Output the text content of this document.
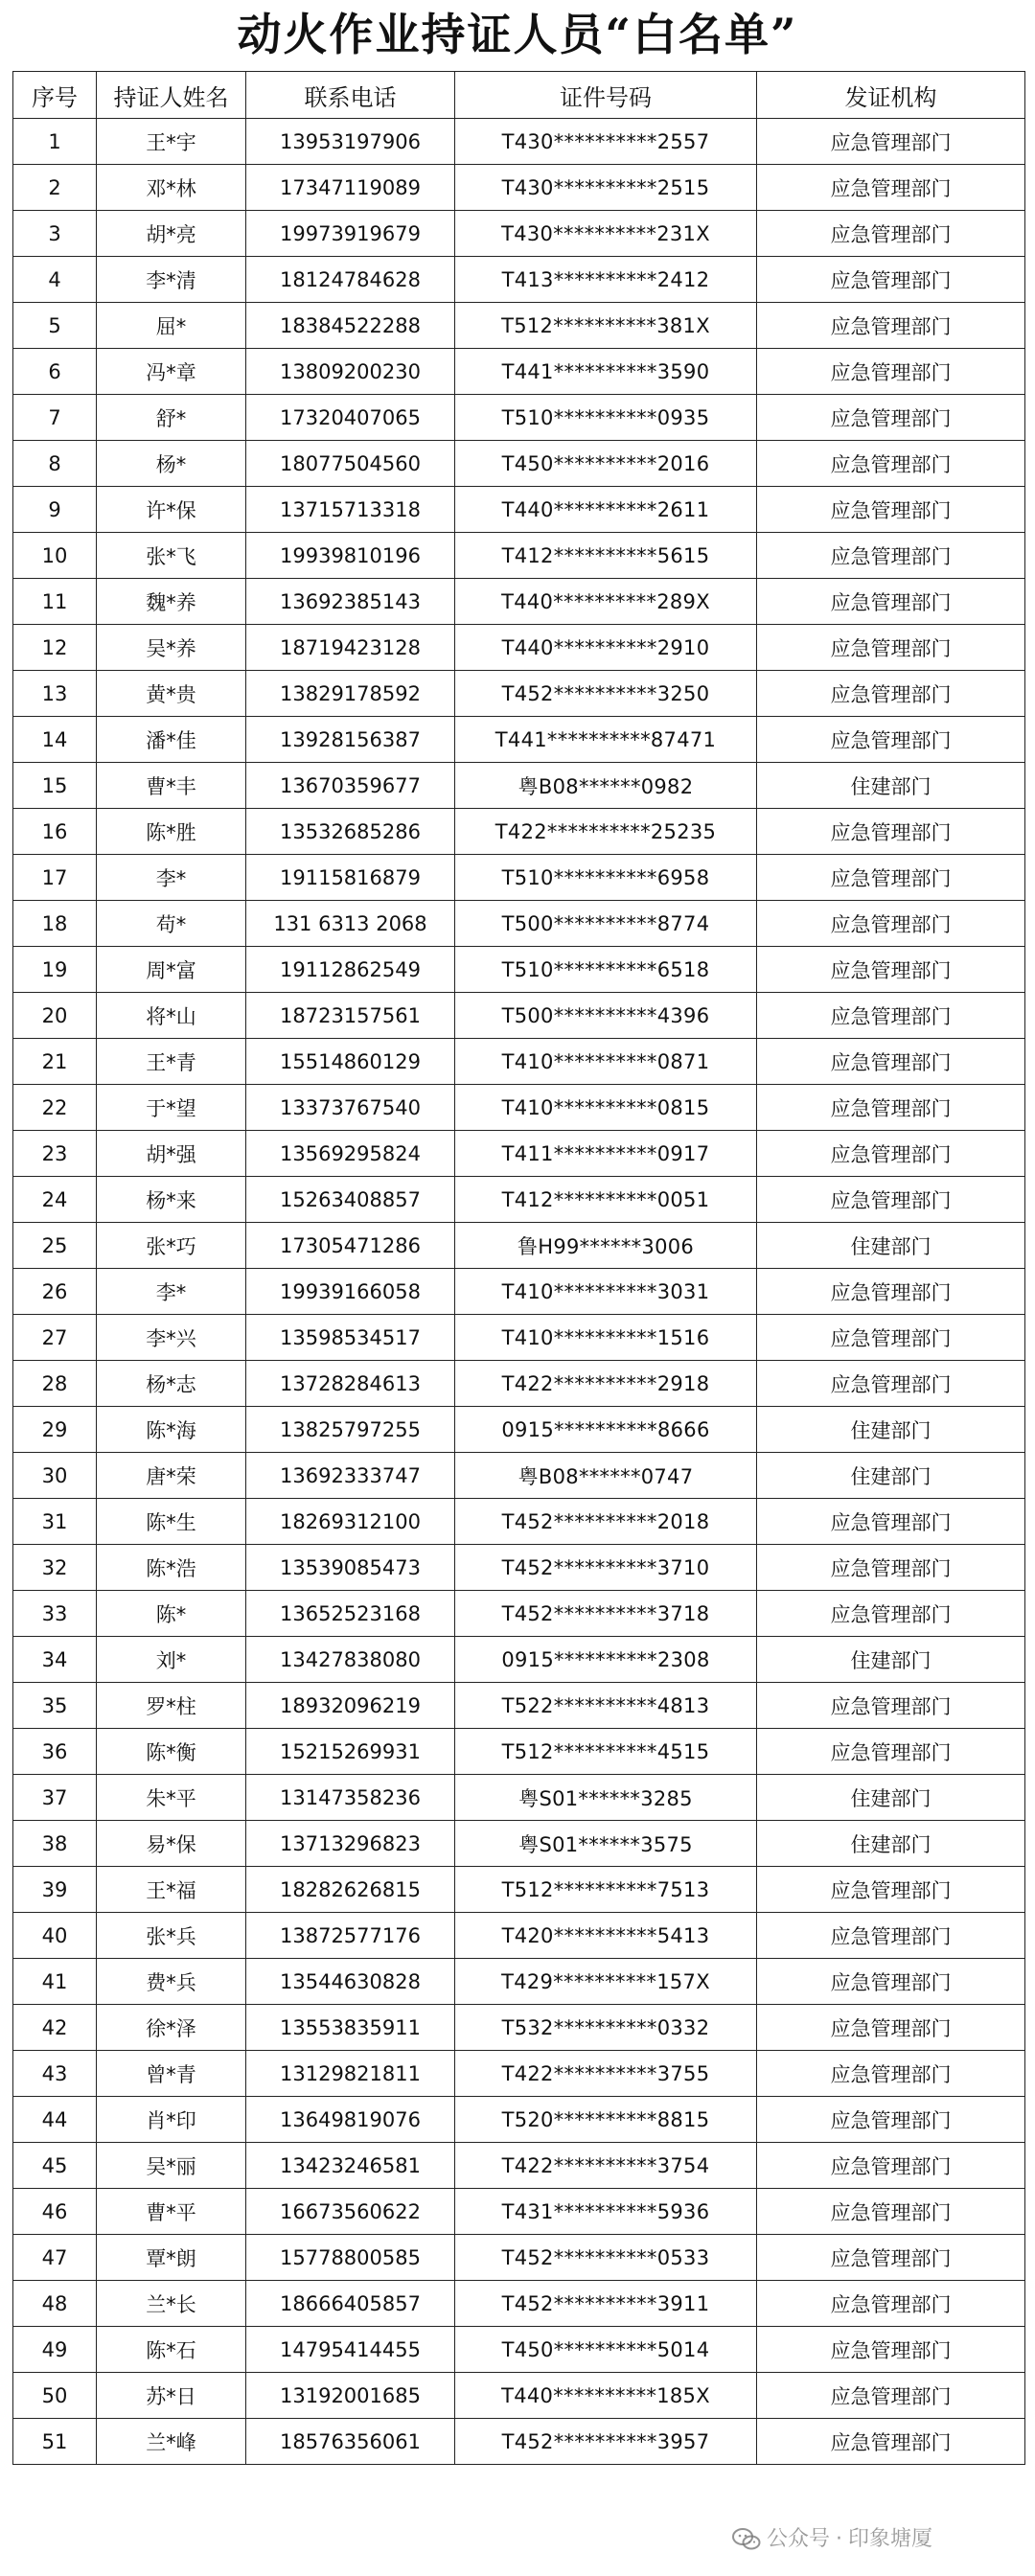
动火作业持证人员“白名单”
序号	持证人姓名	联系电话	证件号码	发证机构
1	王*宇	13953197906	T430**********2557	应急管理部门
2	邓*林	17347119089	T430**********2515	应急管理部门
3	胡*亮	19973919679	T430**********231X	应急管理部门
4	李*清	18124784628	T413**********2412	应急管理部门
5	屈*	18384522288	T512**********381X	应急管理部门
6	冯*章	13809200230	T441**********3590	应急管理部门
7	舒*	17320407065	T510**********0935	应急管理部门
8	杨*	18077504560	T450**********2016	应急管理部门
9	许*保	13715713318	T440**********2611	应急管理部门
10	张*飞	19939810196	T412**********5615	应急管理部门
11	魏*养	13692385143	T440**********289X	应急管理部门
12	吴*养	18719423128	T440**********2910	应急管理部门
13	黄*贵	13829178592	T452**********3250	应急管理部门
14	潘*佳	13928156387	T441**********87471	应急管理部门
15	曹*丰	13670359677	粤B08******0982	住建部门
16	陈*胜	13532685286	T422**********25235	应急管理部门
17	李*	19115816879	T510**********6958	应急管理部门
18	苟*	131 6313 2068	T500**********8774	应急管理部门
19	周*富	19112862549	T510**********6518	应急管理部门
20	将*山	18723157561	T500**********4396	应急管理部门
21	王*青	15514860129	T410**********0871	应急管理部门
22	于*望	13373767540	T410**********0815	应急管理部门
23	胡*强	13569295824	T411**********0917	应急管理部门
24	杨*来	15263408857	T412**********0051	应急管理部门
25	张*巧	17305471286	鲁H99******3006	住建部门
26	李*	19939166058	T410**********3031	应急管理部门
27	李*兴	13598534517	T410**********1516	应急管理部门
28	杨*志	13728284613	T422**********2918	应急管理部门
29	陈*海	13825797255	0915**********8666	住建部门
30	唐*荣	13692333747	粤B08******0747	住建部门
31	陈*生	18269312100	T452**********2018	应急管理部门
32	陈*浩	13539085473	T452**********3710	应急管理部门
33	陈*	13652523168	T452**********3718	应急管理部门
34	刘*	13427838080	0915**********2308	住建部门
35	罗*柱	18932096219	T522**********4813	应急管理部门
36	陈*衡	15215269931	T512**********4515	应急管理部门
37	朱*平	13147358236	粤S01******3285	住建部门
38	易*保	13713296823	粤S01******3575	住建部门
39	王*福	18282626815	T512**********7513	应急管理部门
40	张*兵	13872577176	T420**********5413	应急管理部门
41	费*兵	13544630828	T429**********157X	应急管理部门
42	徐*泽	13553835911	T532**********0332	应急管理部门
43	曾*青	13129821811	T422**********3755	应急管理部门
44	肖*印	13649819076	T520**********8815	应急管理部门
45	吴*丽	13423246581	T422**********3754	应急管理部门
46	曹*平	16673560622	T431**********5936	应急管理部门
47	覃*朗	15778800585	T452**********0533	应急管理部门
48	兰*长	18666405857	T452**********3911	应急管理部门
49	陈*石	14795414455	T450**********5014	应急管理部门
50	苏*日	13192001685	T440**********185X	应急管理部门
51	兰*峰	18576356061	T452**********3957	应急管理部门
公众号 · 印象塘厦
